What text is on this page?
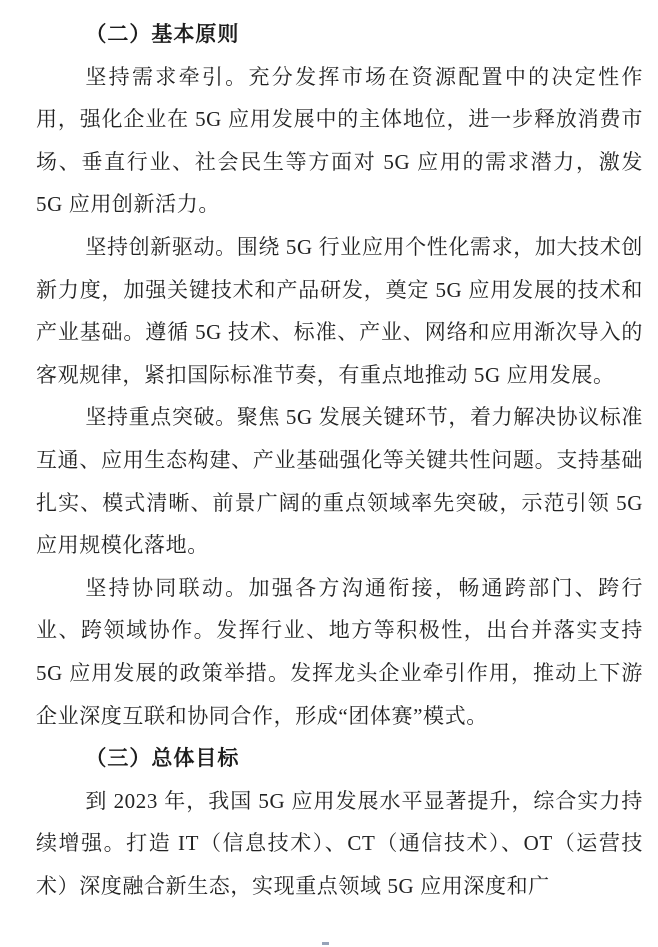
（二）基本原则

坚持需求牵引。充分发挥市场在资源配置中的决定性作用，强化企业在 5G 应用发展中的主体地位，进一步释放消费市场、垂直行业、社会民生等方面对 5G 应用的需求潜力，激发 5G 应用创新活力。

坚持创新驱动。围绕 5G 行业应用个性化需求，加大技术创新力度，加强关键技术和产品研发，奠定 5G 应用发展的技术和产业基础。遵循 5G 技术、标准、产业、网络和应用渐次导入的客观规律，紧扣国际标准节奏，有重点地推动 5G 应用发展。

坚持重点突破。聚焦 5G 发展关键环节，着力解决协议标准互通、应用生态构建、产业基础强化等关键共性问题。支持基础扎实、模式清晰、前景广阔的重点领域率先突破，示范引领 5G 应用规模化落地。

坚持协同联动。加强各方沟通衔接，畅通跨部门、跨行业、跨领域协作。发挥行业、地方等积极性，出台并落实支持 5G 应用发展的政策举措。发挥龙头企业牵引作用，推动上下游企业深度互联和协同合作，形成“团体赛”模式。

（三）总体目标

到 2023 年，我国 5G 应用发展水平显著提升，综合实力持续增强。打造 IT（信息技术）、CT（通信技术）、OT（运营技术）深度融合新生态，实现重点领域 5G 应用深度和广
